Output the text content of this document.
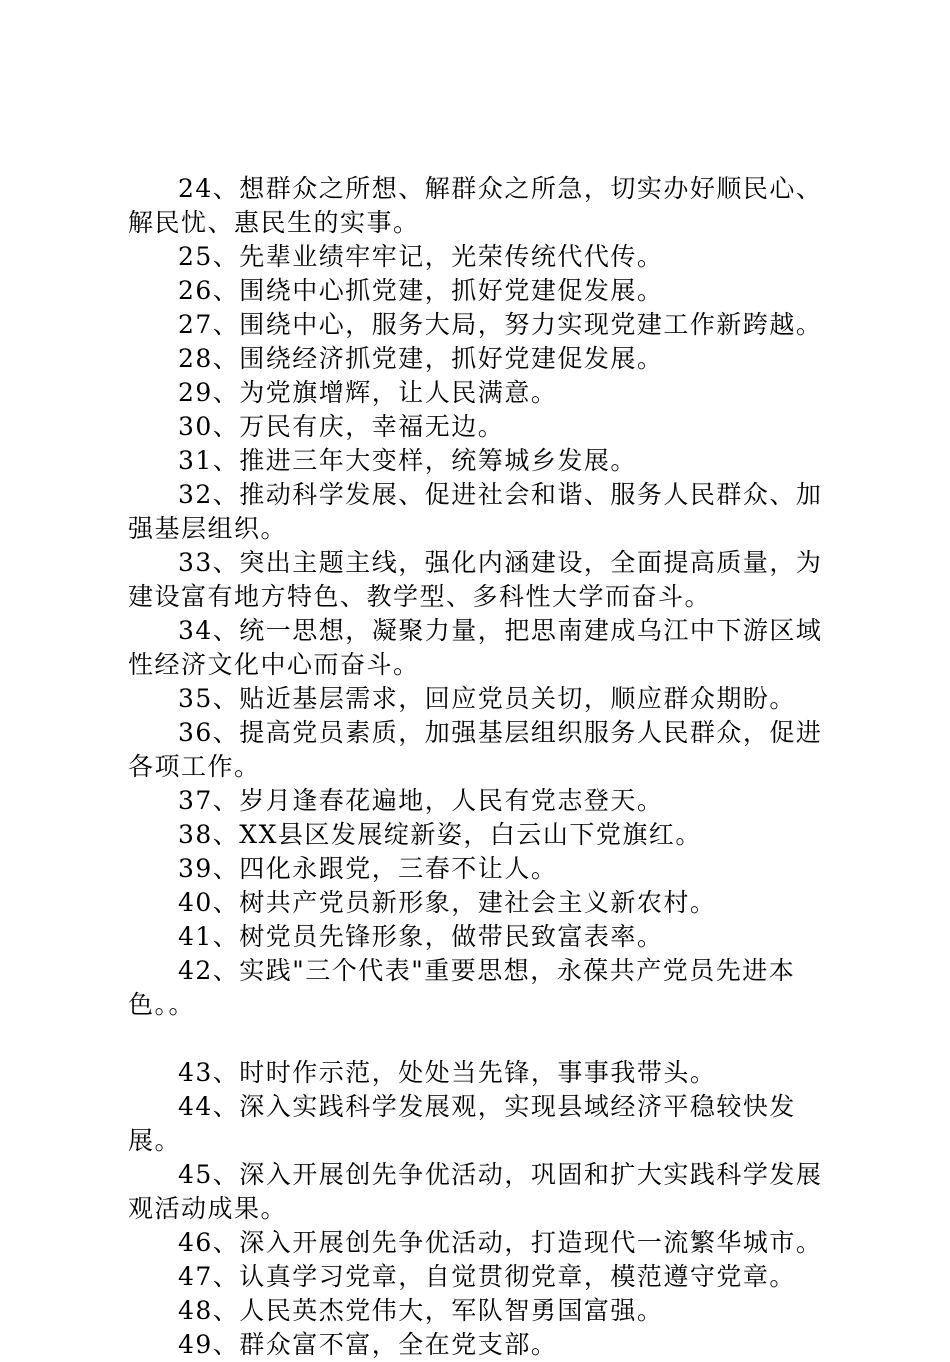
24、想群众之所想、解群众之所急，切实办好顺民心、解民忧、惠民生的实事。

25、先辈业绩牢牢记，光荣传统代代传。

26、围绕中心抓党建，抓好党建促发展。

27、围绕中心，服务大局，努力实现党建工作新跨越。

28、围绕经济抓党建，抓好党建促发展。

29、为党旗增辉，让人民满意。

30、万民有庆，幸福无边。

31、推进三年大变样，统筹城乡发展。

32、推动科学发展、促进社会和谐、服务人民群众、加强基层组织。

33、突出主题主线，强化内涵建设，全面提高质量，为建设富有地方特色、教学型、多科性大学而奋斗。

34、统一思想，凝聚力量，把思南建成乌江中下游区域性经济文化中心而奋斗。

35、贴近基层需求，回应党员关切，顺应群众期盼。

36、提高党员素质，加强基层组织服务人民群众，促进各项工作。

37、岁月逢春花遍地，人民有党志登天。

38、XX县区发展绽新姿，白云山下党旗红。

39、四化永跟党，三春不让人。

40、树共产党员新形象，建社会主义新农村。

41、树党员先锋形象，做带民致富表率。

42、实践"三个代表"重要思想，永葆共产党员先进本色。。

43、时时作示范，处处当先锋，事事我带头。

44、深入实践科学发展观，实现县域经济平稳较快发展。

45、深入开展创先争优活动，巩固和扩大实践科学发展观活动成果。

46、深入开展创先争优活动，打造现代一流繁华城市。

47、认真学习党章，自觉贯彻党章，模范遵守党章。

48、人民英杰党伟大，军队智勇国富强。

49、群众富不富，全在党支部。
